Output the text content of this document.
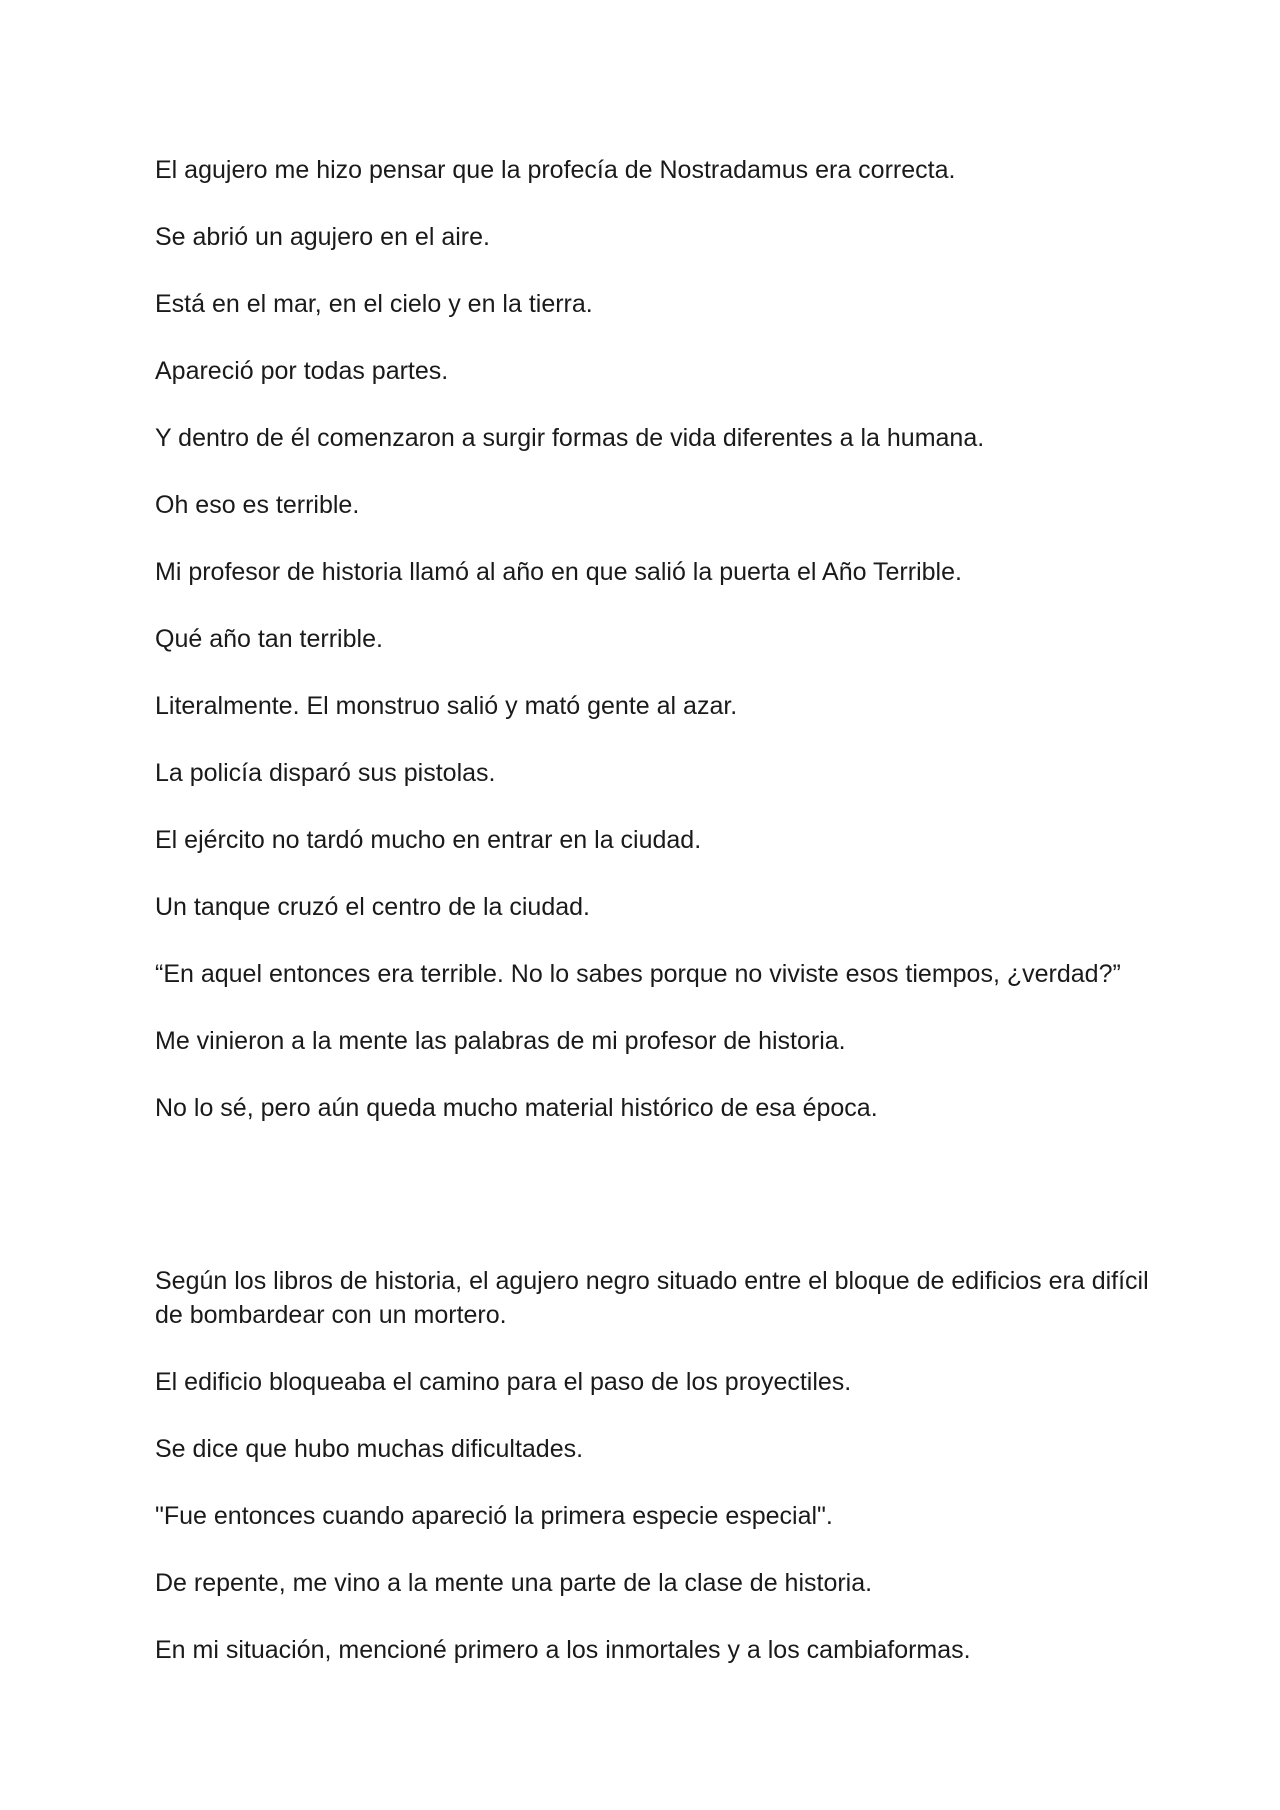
El agujero me hizo pensar que la profecía de Nostradamus era correcta.

Se abrió un agujero en el aire.

Está en el mar, en el cielo y en la tierra.

Apareció por todas partes.

Y dentro de él comenzaron a surgir formas de vida diferentes a la humana.

Oh eso es terrible.

Mi profesor de historia llamó al año en que salió la puerta el Año Terrible.

Qué año tan terrible.

Literalmente. El monstruo salió y mató gente al azar.

La policía disparó sus pistolas.

El ejército no tardó mucho en entrar en la ciudad.

Un tanque cruzó el centro de la ciudad.

“En aquel entonces era terrible. No lo sabes porque no viviste esos tiempos, ¿verdad?”

Me vinieron a la mente las palabras de mi profesor de historia.

No lo sé, pero aún queda mucho material histórico de esa época.

Según los libros de historia, el agujero negro situado entre el bloque de edificios era difícil de bombardear con un mortero.

El edificio bloqueaba el camino para el paso de los proyectiles.

Se dice que hubo muchas dificultades.

"Fue entonces cuando apareció la primera especie especial".

De repente, me vino a la mente una parte de la clase de historia.

En mi situación, mencioné primero a los inmortales y a los cambiaformas.
